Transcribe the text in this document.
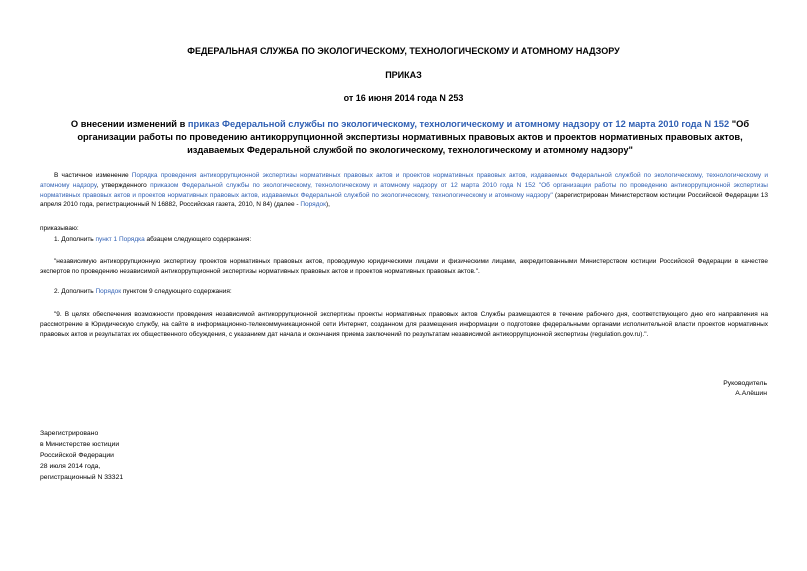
ФЕДЕРАЛЬНАЯ СЛУЖБА ПО ЭКОЛОГИЧЕСКОМУ, ТЕХНОЛОГИЧЕСКОМУ И АТОМНОМУ НАДЗОРУ
ПРИКАЗ
от 16 июня 2014 года N 253
О внесении изменений в приказ Федеральной службы по экологическому, технологическому и атомному надзору от 12 марта 2010 года N 152 "Об организации работы по проведению антикоррупционной экспертизы нормативных правовых актов и проектов нормативных правовых актов, издаваемых Федеральной службой по экологическому, технологическому и атомному надзору"
В частичное изменение Порядка проведения антикоррупционной экспертизы нормативных правовых актов и проектов нормативных правовых актов, издаваемых Федеральной службой по экологическому, технологическому и атомному надзору, утвержденного приказом Федеральной службы по экологическому, технологическому и атомному надзору от 12 марта 2010 года N 152 "Об организации работы по проведению антикоррупционной экспертизы нормативных правовых актов и проектов нормативных правовых актов, издаваемых Федеральной службой по экологическому, технологическому и атомному надзору" (зарегистрирован Министерством юстиции Российской Федерации 13 апреля 2010 года, регистрационный N 16882, Российская газета, 2010, N 84) (далее - Порядок),
приказываю:
1. Дополнить пункт 1 Порядка абзацем следующего содержания:
"независимую антикоррупционную экспертизу проектов нормативных правовых актов, проводимую юридическими лицами и физическими лицами, аккредитованными Министерством юстиции Российской Федерации в качестве экспертов по проведению независимой антикоррупционной экспертизы нормативных правовых актов и проектов нормативных правовых актов.".
2. Дополнить Порядок пунктом 9 следующего содержания:
"9. В целях обеспечения возможности проведения независимой антикоррупционной экспертизы проекты нормативных правовых актов Службы размещаются в течение рабочего дня, соответствующего дню его направления на рассмотрение в Юридическую службу, на сайте в информационно-телекоммуникационной сети Интернет, созданном для размещения информации о подготовке федеральными органами исполнительной власти проектов нормативных правовых актов и результатах их общественного обсуждения, с указанием дат начала и окончания приема заключений по результатам независимой антикоррупционной экспертизы (regulation.gov.ru).".
Руководитель
А.Алёшин
Зарегистрировано
в Министерстве юстиции
Российской Федерации
28 июля 2014 года,
регистрационный N 33321
